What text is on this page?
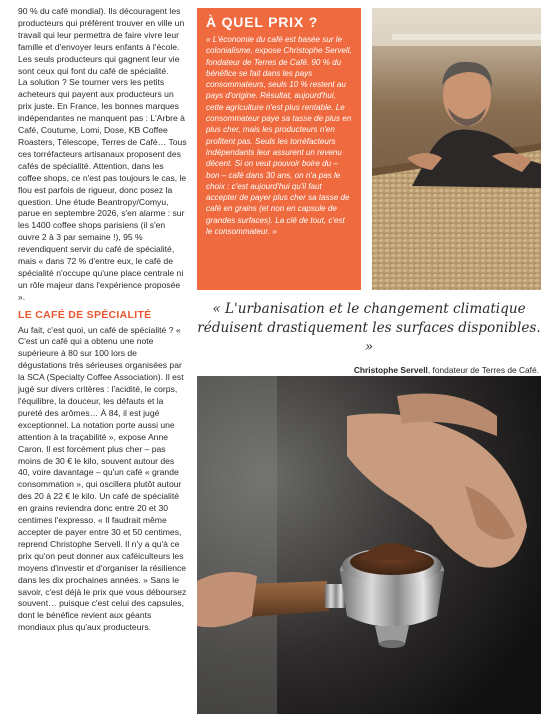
90 % du café mondial). Ils découragent les producteurs qui préfèrent trouver en ville un travail qui leur permettra de faire vivre leur famille et d'envoyer leurs enfants à l'école. Les seuls producteurs qui gagnent leur vie sont ceux qui font du café de spécialité.

La solution ? Se tourner vers les petits acheteurs qui payent aux producteurs un prix juste. En France, les bonnes marques indépendantes ne manquent pas : L'Arbre à Café, Coutume, Lomi, Dose, KB Coffee Roasters, Télescope, Terres de Café… Tous ces torréfacteurs artisanaux proposent des cafés de spécialité. Attention, dans les coffee shops, ce n'est pas toujours le cas, le flou est parfois de rigueur, donc posez la question. Une étude Beantropy/Comyu, parue en septembre 2026, s'en alarme : sur les 1400 coffee shops parisiens (il s'en ouvre 2 à 3 par semaine !), 95 % revendiquent servir du café de spécialité, mais « dans 72 % d'entre eux, le café de spécialité n'occupe qu'une place centrale ni un rôle majeur dans l'expérience proposée ».

LE CAFÉ DE SPÉCIALITÉ

Au fait, c'est quoi, un café de spécialité ? « C'est un café qui a obtenu une note supérieure à 80 sur 100 lors de dégustations très sérieuses organisées par la SCA (Specialty Coffee Association). Il est jugé sur divers critères : l'acidité, le corps, l'équilibre, la douceur, les défauts et la pureté des arômes… À 84, il est jugé exceptionnel. La notation porte aussi une attention à la traçabilité », expose Anne Caron. Il est forcément plus cher – pas moins de 30 € le kilo, souvent autour des 40, voire davantage – qu'un café « grande consommation », qui oscillera plutôt autour des 20 à 22 € le kilo. Un café de spécialité en grains reviendra donc entre 20 et 30 centimes l'expresso. « Il faudrait même accepter de payer entre 30 et 50 centimes, reprend Christophe Servell. Il n'y a qu'à ce prix qu'on peut donner aux caféiculteurs les moyens d'investir et d'organiser la résilience dans les dix prochaines années. » Sans le savoir, c'est déjà le prix que vous déboursez souvent… puisque c'est celui des capsules, dont le bénéfice revient aux géants mondiaux plus qu'aux producteurs.

À QUEL PRIX ?

« L'économie du café est basée sur le colonialisme, expose Christophe Servell, fondateur de Terres de Café. 90 % du bénéfice se fait dans les pays consommateurs, seuls 10 % restent au pays d'origine. Résultat, aujourd'hui, cette agriculture n'est plus rentable. Le consommateur paye sa tasse de plus en plus cher, mais les producteurs n'en profitent pas. Seuls les torréfacteurs indépendants leur assurent un revenu décent. Si on veut pouvoir boire du – bon – café dans 30 ans, on n'a pas le choix : c'est aujourd'hui qu'il faut accepter de payer plus cher sa tasse de café en grains (et non en capsule de grandes surfaces). La clé de tout, c'est le consommateur. »

« L'urbanisation et le changement climatique réduisent drastiquement les surfaces disponibles. »

Christophe Servell, fondateur de Terres de Café.
